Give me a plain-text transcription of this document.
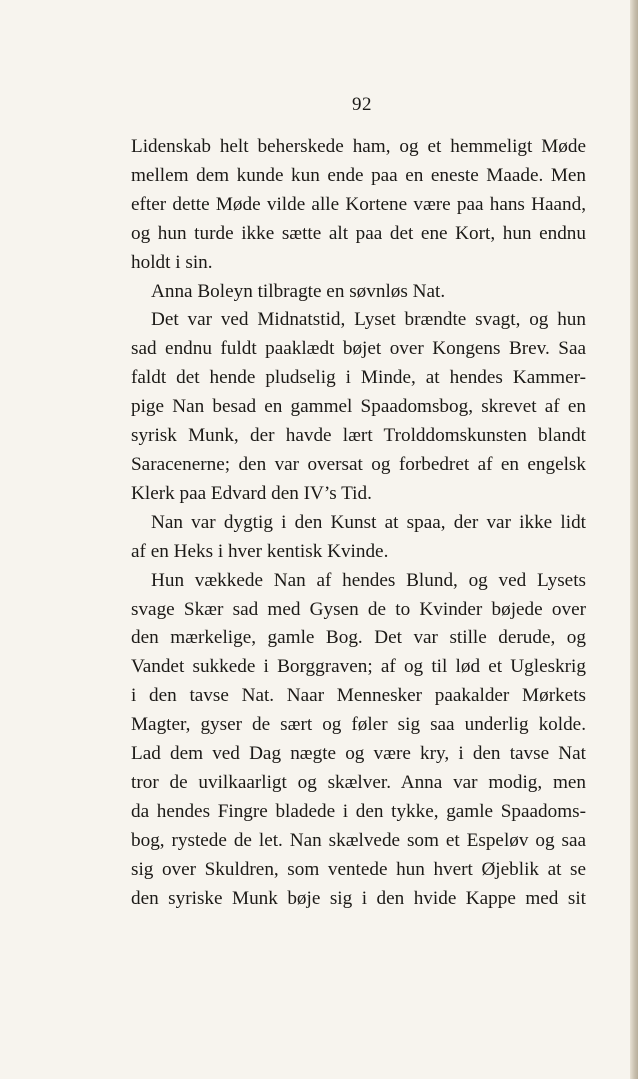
92

Lidenskab helt beherskede ham, og et hemmeligt Møde
mellem dem kunde kun ende paa en eneste Maade. Men
efter dette Møde vilde alle Kortene være paa hans Haand,
og hun turde ikke sætte alt paa det ene Kort, hun endnu
holdt i sin.

Anna Boleyn tilbragte en søvnløs Nat.

Det var ved Midnatstid, Lyset brændte svagt, og hun
sad endnu fuldt paaklædt bøjet over Kongens Brev. Saa
faldt det hende pludselig i Minde, at hendes Kammer-
pige Nan besad en gammel Spaadomsbog, skrevet af en
syrisk Munk, der havde lært Trolddomskunsten blandt
Saracenerne; den var oversat og forbedret af en engelsk
Klerk paa Edvard den IV’s Tid.

Nan var dygtig i den Kunst at spaa, der var ikke lidt
af en Heks i hver kentisk Kvinde.

Hun vækkede Nan af hendes Blund, og ved Lysets
svage Skær sad med Gysen de to Kvinder bøjede over
den mærkelige, gamle Bog. Det var stille derude, og
Vandet sukkede i Borggraven; af og til lød et Ugleskrig
i den tavse Nat. Naar Mennesker paakalder Mørkets
Magter, gyser de sært og føler sig saa underlig kolde.
Lad dem ved Dag nægte og være kry, i den tavse Nat
tror de uvilkaarligt og skælver. Anna var modig, men
da hendes Fingre bladede i den tykke, gamle Spaadoms-
bog, rystede de let. Nan skælvede som et Espeløv og saa
sig over Skuldren, som ventede hun hvert Øjeblik at se
den syriske Munk bøje sig i den hvide Kappe med sit
